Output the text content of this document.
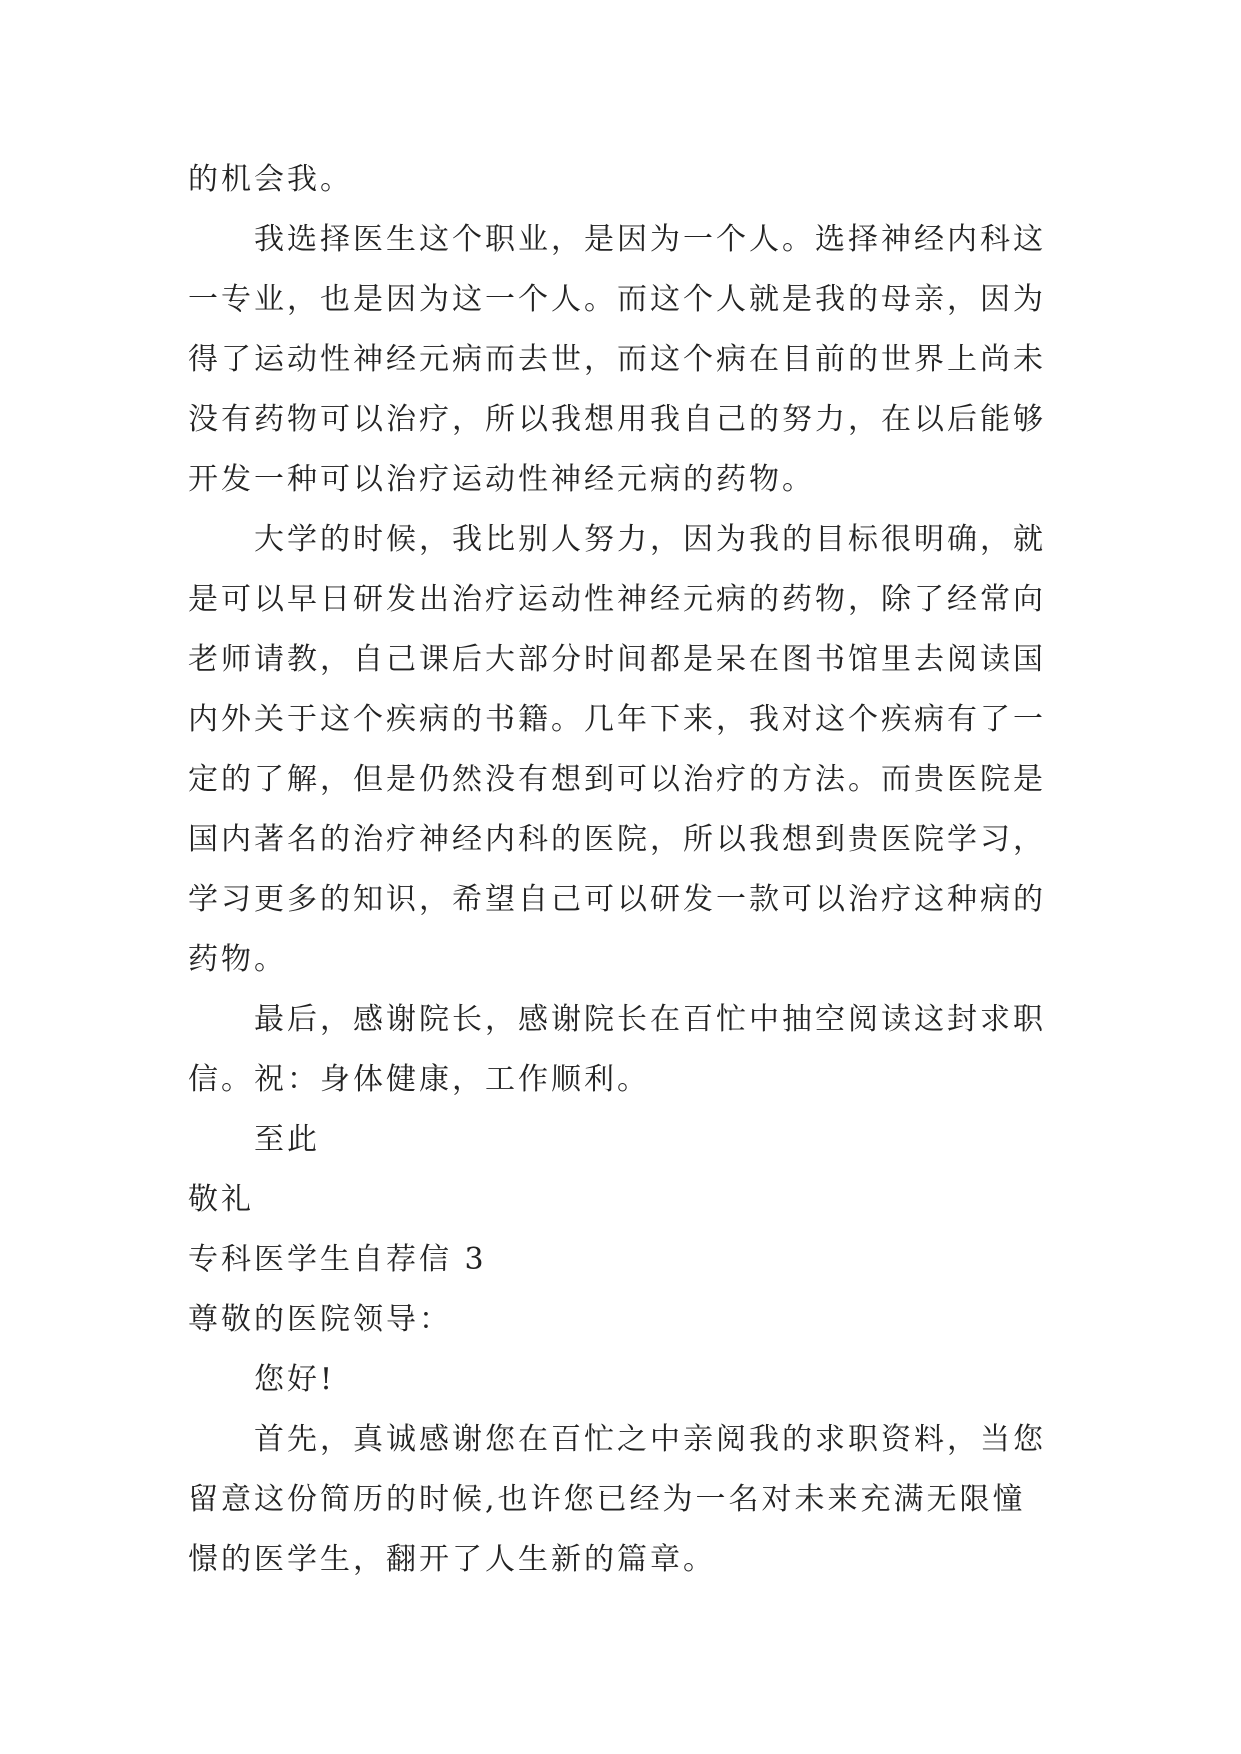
的机会我。

我选择医生这个职业，是因为一个人。选择神经内科这一专业，也是因为这一个人。而这个人就是我的母亲，因为得了运动性神经元病而去世，而这个病在目前的世界上尚未没有药物可以治疗，所以我想用我自己的努力，在以后能够开发一种可以治疗运动性神经元病的药物。

大学的时候，我比别人努力，因为我的目标很明确，就是可以早日研发出治疗运动性神经元病的药物，除了经常向老师请教，自己课后大部分时间都是呆在图书馆里去阅读国内外关于这个疾病的书籍。几年下来，我对这个疾病有了一定的了解，但是仍然没有想到可以治疗的方法。而贵医院是国内著名的治疗神经内科的医院，所以我想到贵医院学习，学习更多的知识，希望自己可以研发一款可以治疗这种病的药物。

最后，感谢院长，感谢院长在百忙中抽空阅读这封求职信。祝：身体健康，工作顺利。

至此

敬礼

专科医学生自荐信 3

尊敬的医院领导：

您好!

首先，真诚感谢您在百忙之中亲阅我的求职资料，当您留意这份简历的时候,也许您已经为一名对未来充满无限憧憬的医学生，翻开了人生新的篇章。
